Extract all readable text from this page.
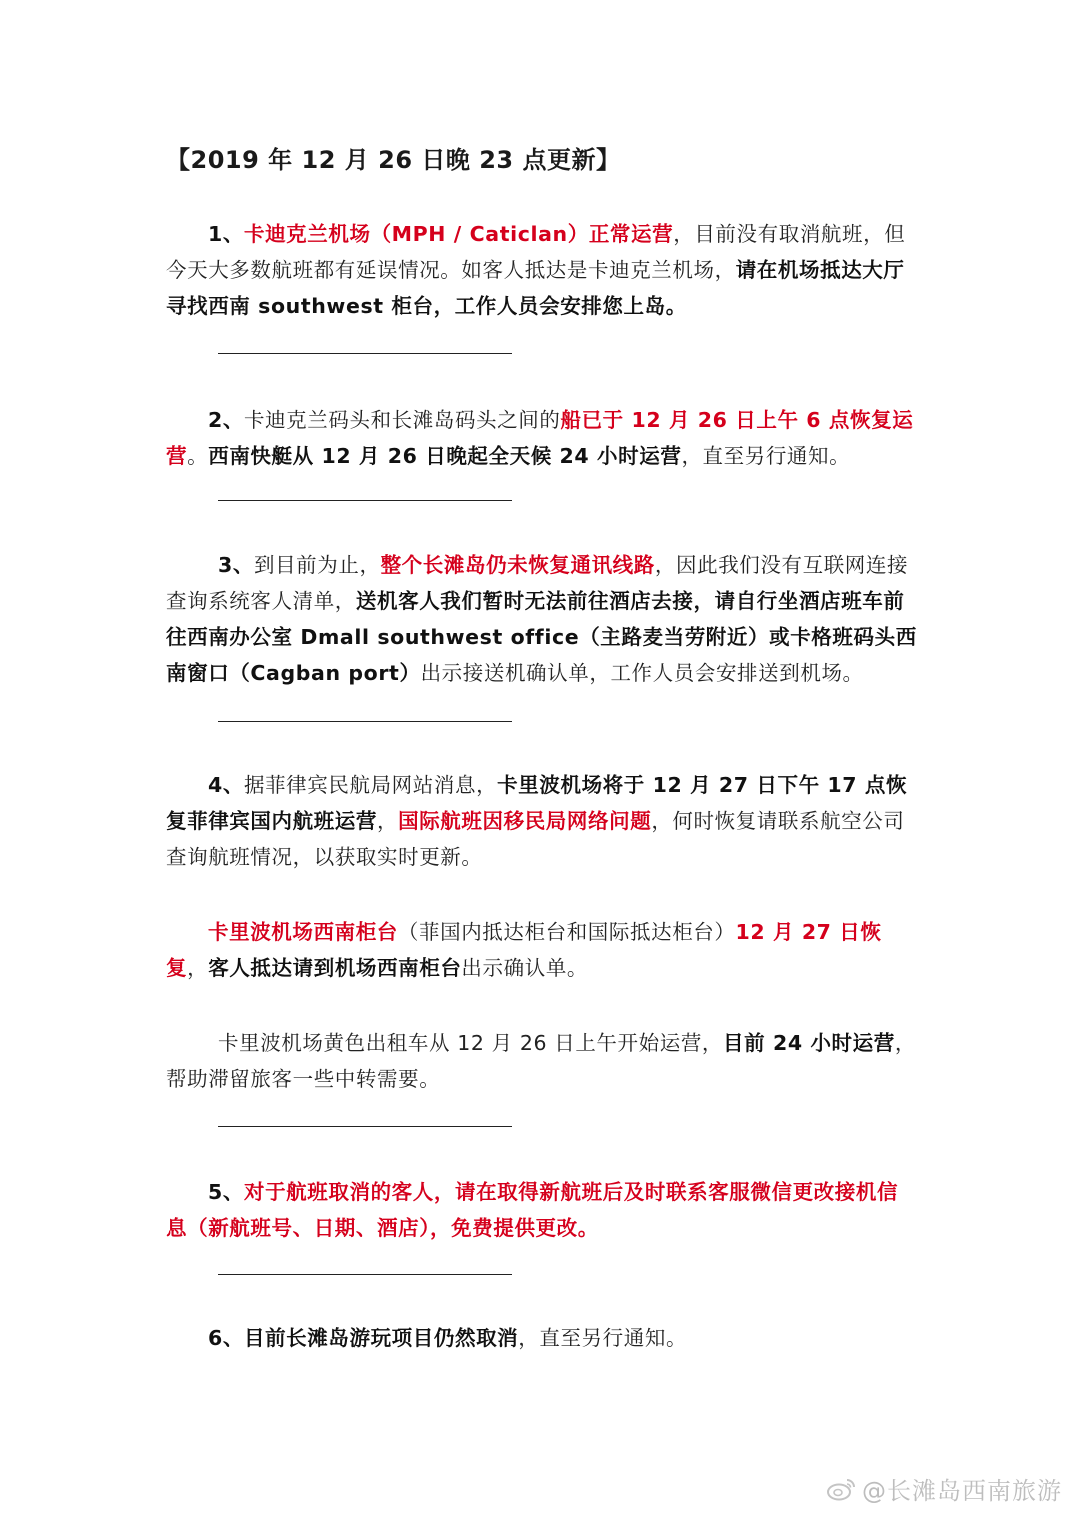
【2019 年 12 月 26 日晚 23 点更新】
1、卡迪克兰机场（MPH / Caticlan）正常运营，目前没有取消航班，但今天大多数航班都有延误情况。如客人抵达是卡迪克兰机场，请在机场抵达大厅寻找西南 southwest 柜台，工作人员会安排您上岛。
2、卡迪克兰码头和长滩岛码头之间的船已于 12 月 26 日上午 6 点恢复运营。西南快艇从 12 月 26 日晚起全天候 24 小时运营，直至另行通知。
3、到目前为止，整个长滩岛仍未恢复通讯线路，因此我们没有互联网连接查询系统客人清单，送机客人我们暂时无法前往酒店去接，请自行坐酒店班车前往西南办公室 Dmall southwest office（主路麦当劳附近）或卡格班码头西南窗口（Cagban port）出示接送机确认单，工作人员会安排送到机场。
4、据菲律宾民航局网站消息，卡里波机场将于 12 月 27 日下午 17 点恢复菲律宾国内航班运营，国际航班因移民局网络问题，何时恢复请联系航空公司查询航班情况，以获取实时更新。
卡里波机场西南柜台（菲国内抵达柜台和国际抵达柜台）12 月 27 日恢复，客人抵达请到机场西南柜台出示确认单。
卡里波机场黄色出租车从 12 月 26 日上午开始运营，目前 24 小时运营，帮助滞留旅客一些中转需要。
5、对于航班取消的客人，请在取得新航班后及时联系客服微信更改接机信息（新航班号、日期、酒店），免费提供更改。
6、目前长滩岛游玩项目仍然取消，直至另行通知。
@长滩岛西南旅游
